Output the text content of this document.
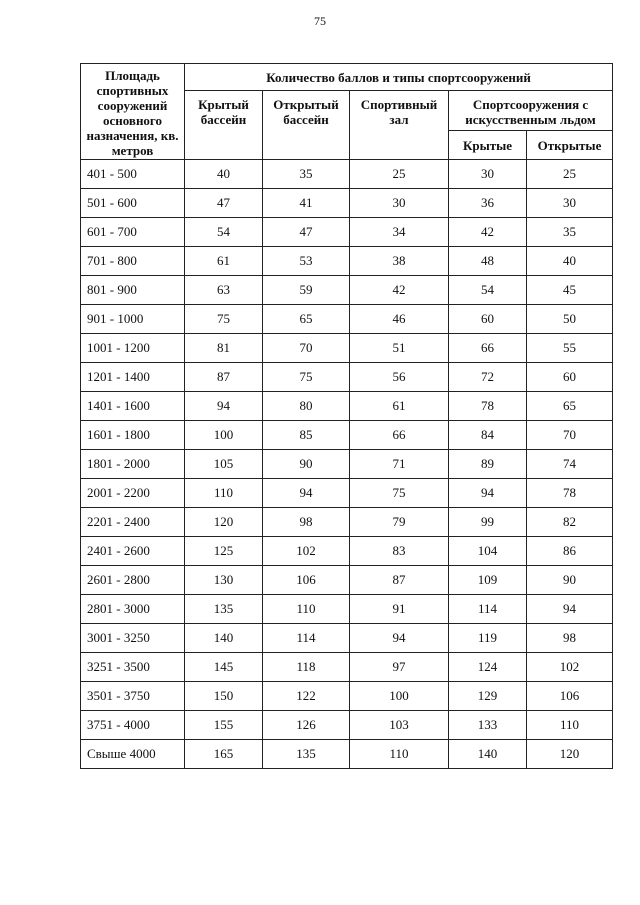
75
Площадь спортивных сооружений основного назначения, кв. метров	Количество баллов и типы спортсооружений				
	Крытый бассейн	Открытый бассейн	Спортивный зал	Спортсооружения с искусственным льдом	
				Крытые	Открытые
401 - 500	40	35	25	30	25
501 - 600	47	41	30	36	30
601 - 700	54	47	34	42	35
701 - 800	61	53	38	48	40
801 - 900	63	59	42	54	45
901 - 1000	75	65	46	60	50
1001 - 1200	81	70	51	66	55
1201 - 1400	87	75	56	72	60
1401 - 1600	94	80	61	78	65
1601 - 1800	100	85	66	84	70
1801 - 2000	105	90	71	89	74
2001 - 2200	110	94	75	94	78
2201 - 2400	120	98	79	99	82
2401 - 2600	125	102	83	104	86
2601 - 2800	130	106	87	109	90
2801 - 3000	135	110	91	114	94
3001 - 3250	140	114	94	119	98
3251 - 3500	145	118	97	124	102
3501 - 3750	150	122	100	129	106
3751 - 4000	155	126	103	133	110
Свыше 4000	165	135	110	140	120
